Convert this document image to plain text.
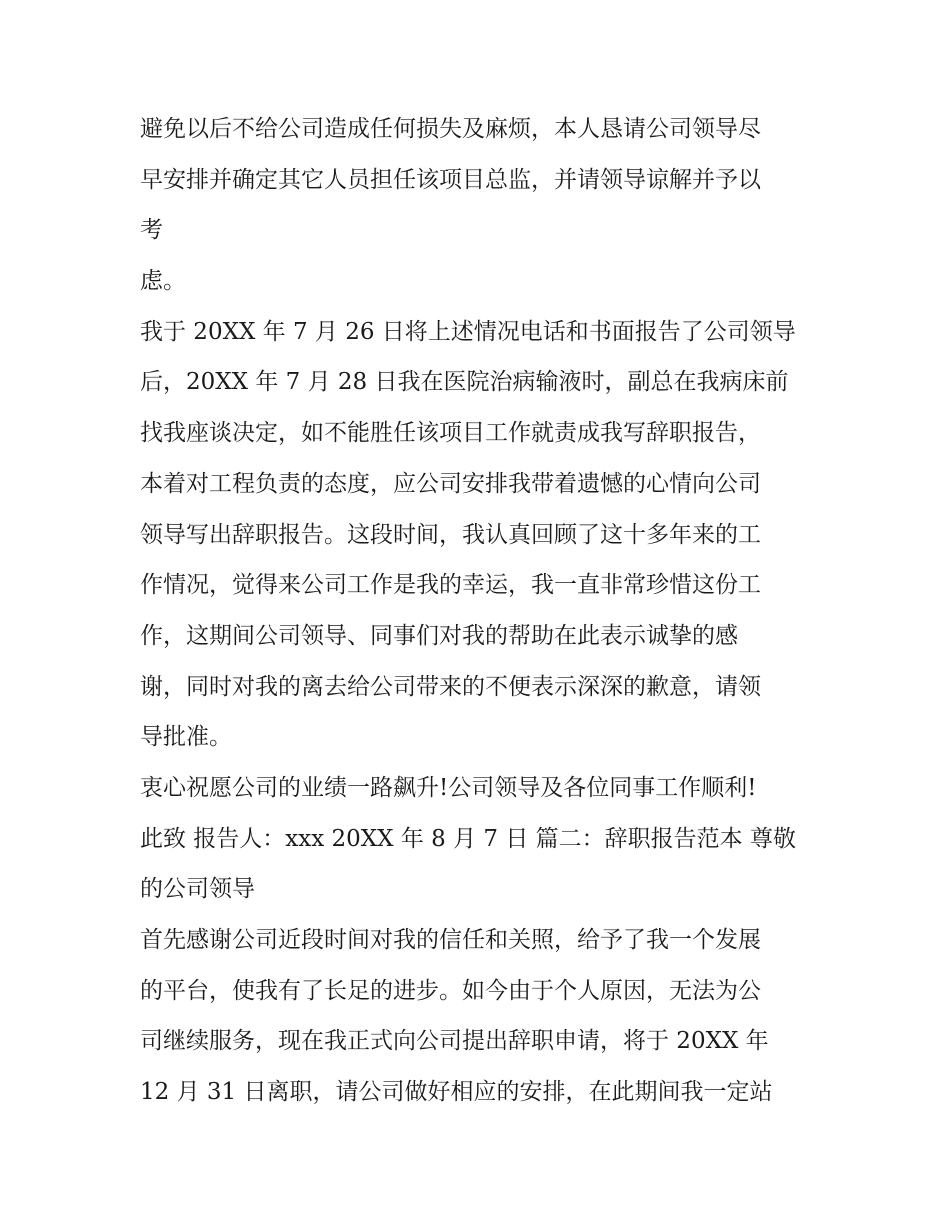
避免以后不给公司造成任何损失及麻烦，本人恳请公司领导尽
早安排并确定其它人员担任该项目总监，并请领导谅解并予以
考
虑。
我于 20XX 年 7 月 26 日将上述情况电话和书面报告了公司领导
后，20XX 年 7 月 28 日我在医院治病输液时，副总在我病床前
找我座谈决定，如不能胜任该项目工作就责成我写辞职报告，
本着对工程负责的态度，应公司安排我带着遗憾的心情向公司
领导写出辞职报告。这段时间，我认真回顾了这十多年来的工
作情况，觉得来公司工作是我的幸运，我一直非常珍惜这份工
作，这期间公司领导、同事们对我的帮助在此表示诚挚的感
谢，同时对我的离去给公司带来的不便表示深深的歉意，请领
导批准。
衷心祝愿公司的业绩一路飙升!公司领导及各位同事工作顺利!
此致 报告人：xxx 20XX 年 8 月 7 日 篇二：辞职报告范本 尊敬
的公司领导
首先感谢公司近段时间对我的信任和关照，给予了我一个发展
的平台，使我有了长足的进步。如今由于个人原因，无法为公
司继续服务，现在我正式向公司提出辞职申请，将于 20XX 年
12 月 31 日离职，请公司做好相应的安排，在此期间我一定站
